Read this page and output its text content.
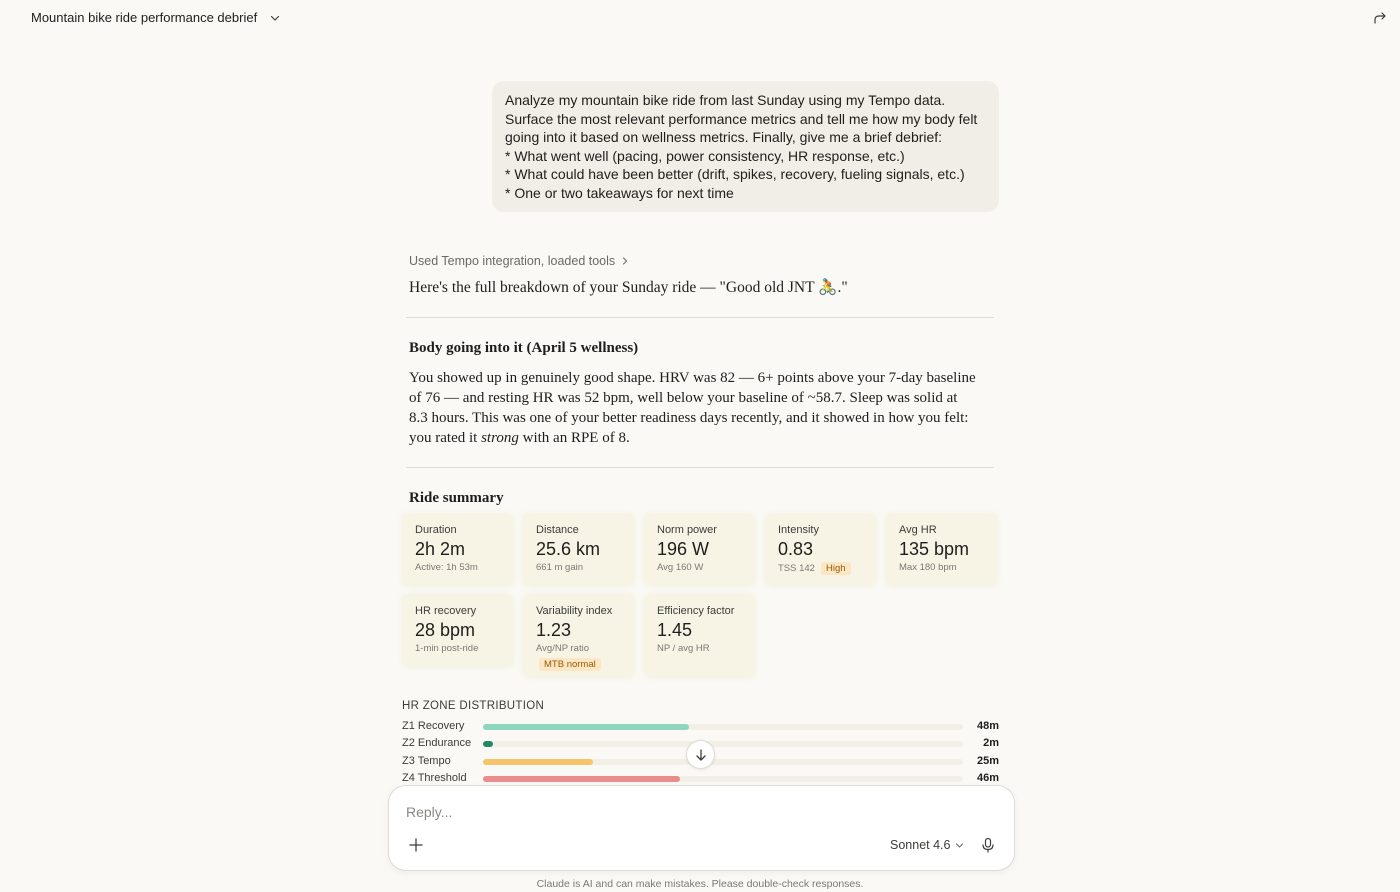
Mountain bike ride performance debrief

Analyze my mountain bike ride from last Sunday using my Tempo data.
Surface the most relevant performance metrics and tell me how my body felt
going into it based on wellness metrics. Finally, give me a brief debrief:
* What went well (pacing, power consistency, HR response, etc.)
* What could have been better (drift, spikes, recovery, fueling signals, etc.)
* One or two takeaways for next time

Used Tempo integration, loaded tools
Here's the full breakdown of your Sunday ride — "Good old JNT 🚴."
Body going into it (April 5 wellness)
You showed up in genuinely good shape. HRV was 82 — 6+ points above your 7-day baseline of 76 — and resting HR was 52 bpm, well below your baseline of ~58.7. Sleep was solid at 8.3 hours. This was one of your better readiness days recently, and it showed in how you felt: you rated it strong with an RPE of 8.
Ride summary
Duration
2h 2m
Active: 1h 53m
Distance
25.6 km
661 m gain
Norm power
196 W
Avg 160 W
Intensity
0.83
TSS 142	High
Avg HR
135 bpm
Max 180 bpm
HR recovery
28 bpm
1-min post-ride
Variability index
1.23
Avg/NP ratio
MTB normal
Efficiency factor
1.45
NP / avg HR
HR ZONE DISTRIBUTION
Z1 Recovery	48m
Z2 Endurance	2m
Z3 Tempo	25m
Z4 Threshold	46m
Reply...
Sonnet 4.6
Claude is AI and can make mistakes. Please double-check responses.
